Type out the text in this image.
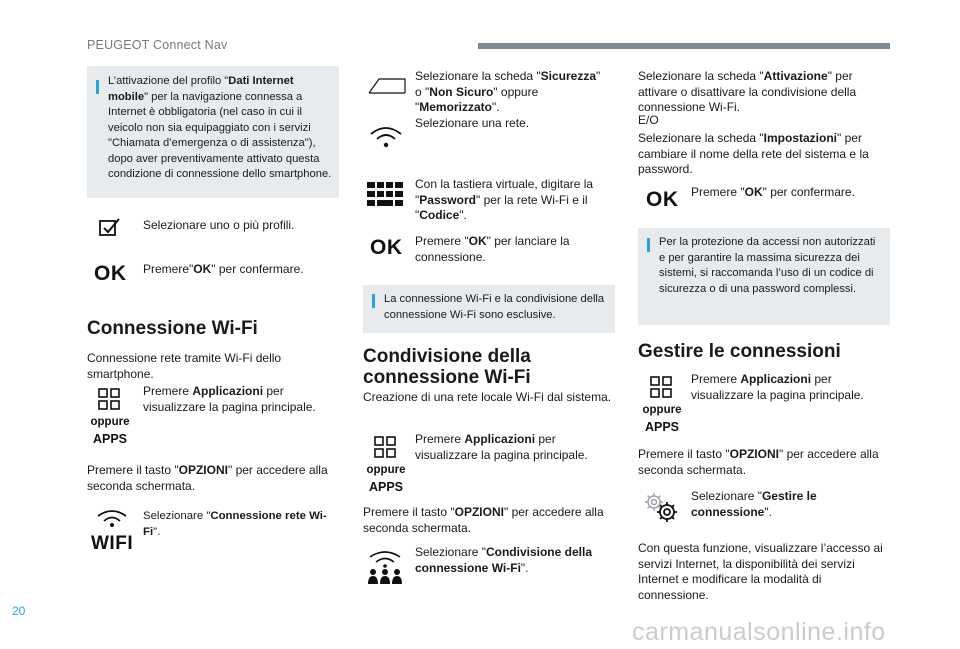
PEUGEOT Connect Nav
L’attivazione del profilo "Dati Internet mobile" per la navigazione connessa a Internet è obbligatoria (nel caso in cui il veicolo non sia equipaggiato con i servizi "Chiamata d’emergenza o di assistenza"), dopo aver preventivamente attivato questa condizione di connessione dello smartphone.
Selezionare uno o più profili.
OK Premere"OK" per confermare.
Connessione Wi-Fi
Connessione rete tramite Wi-Fi dello smartphone.
oppure
APPS
Premere Applicazioni per visualizzare la pagina principale.
Premere il tasto "OPZIONI" per accedere alla seconda schermata.
WIFI
Selezionare "Connessione rete Wi-Fi".
Selezionare la scheda "Sicurezza" o "Non Sicuro" oppure "Memorizzato".
Selezionare una rete.
Con la tastiera virtuale, digitare la "Password" per la rete Wi-Fi e il "Codice".
OK Premere "OK" per lanciare la connessione.
La connessione Wi-Fi e la condivisione della connessione Wi-Fi sono esclusive.
Condivisione della connessione Wi-Fi
Creazione di una rete locale Wi-Fi dal sistema.
oppure
APPS
Premere Applicazioni per visualizzare la pagina principale.
Premere il tasto "OPZIONI" per accedere alla seconda schermata.
Selezionare "Condivisione della connessione Wi-Fi".
Selezionare la scheda "Attivazione" per attivare o disattivare la condivisione della connessione Wi-Fi.
E/O
Selezionare la scheda "Impostazioni" per cambiare il nome della rete del sistema e la password.
OK Premere "OK" per confermare.
Per la protezione da accessi non autorizzati e per garantire la massima sicurezza dei sistemi, si raccomanda l’uso di un codice di sicurezza o di una password complessi.
Gestire le connessioni
oppure
APPS
Premere Applicazioni per visualizzare la pagina principale.
Premere il tasto "OPZIONI" per accedere alla seconda schermata.
Selezionare "Gestire le connessione".
Con questa funzione, visualizzare l’accesso ai servizi Internet, la disponibilità dei servizi Internet e modificare la modalità di connessione.
20
carmanualsonline.info
